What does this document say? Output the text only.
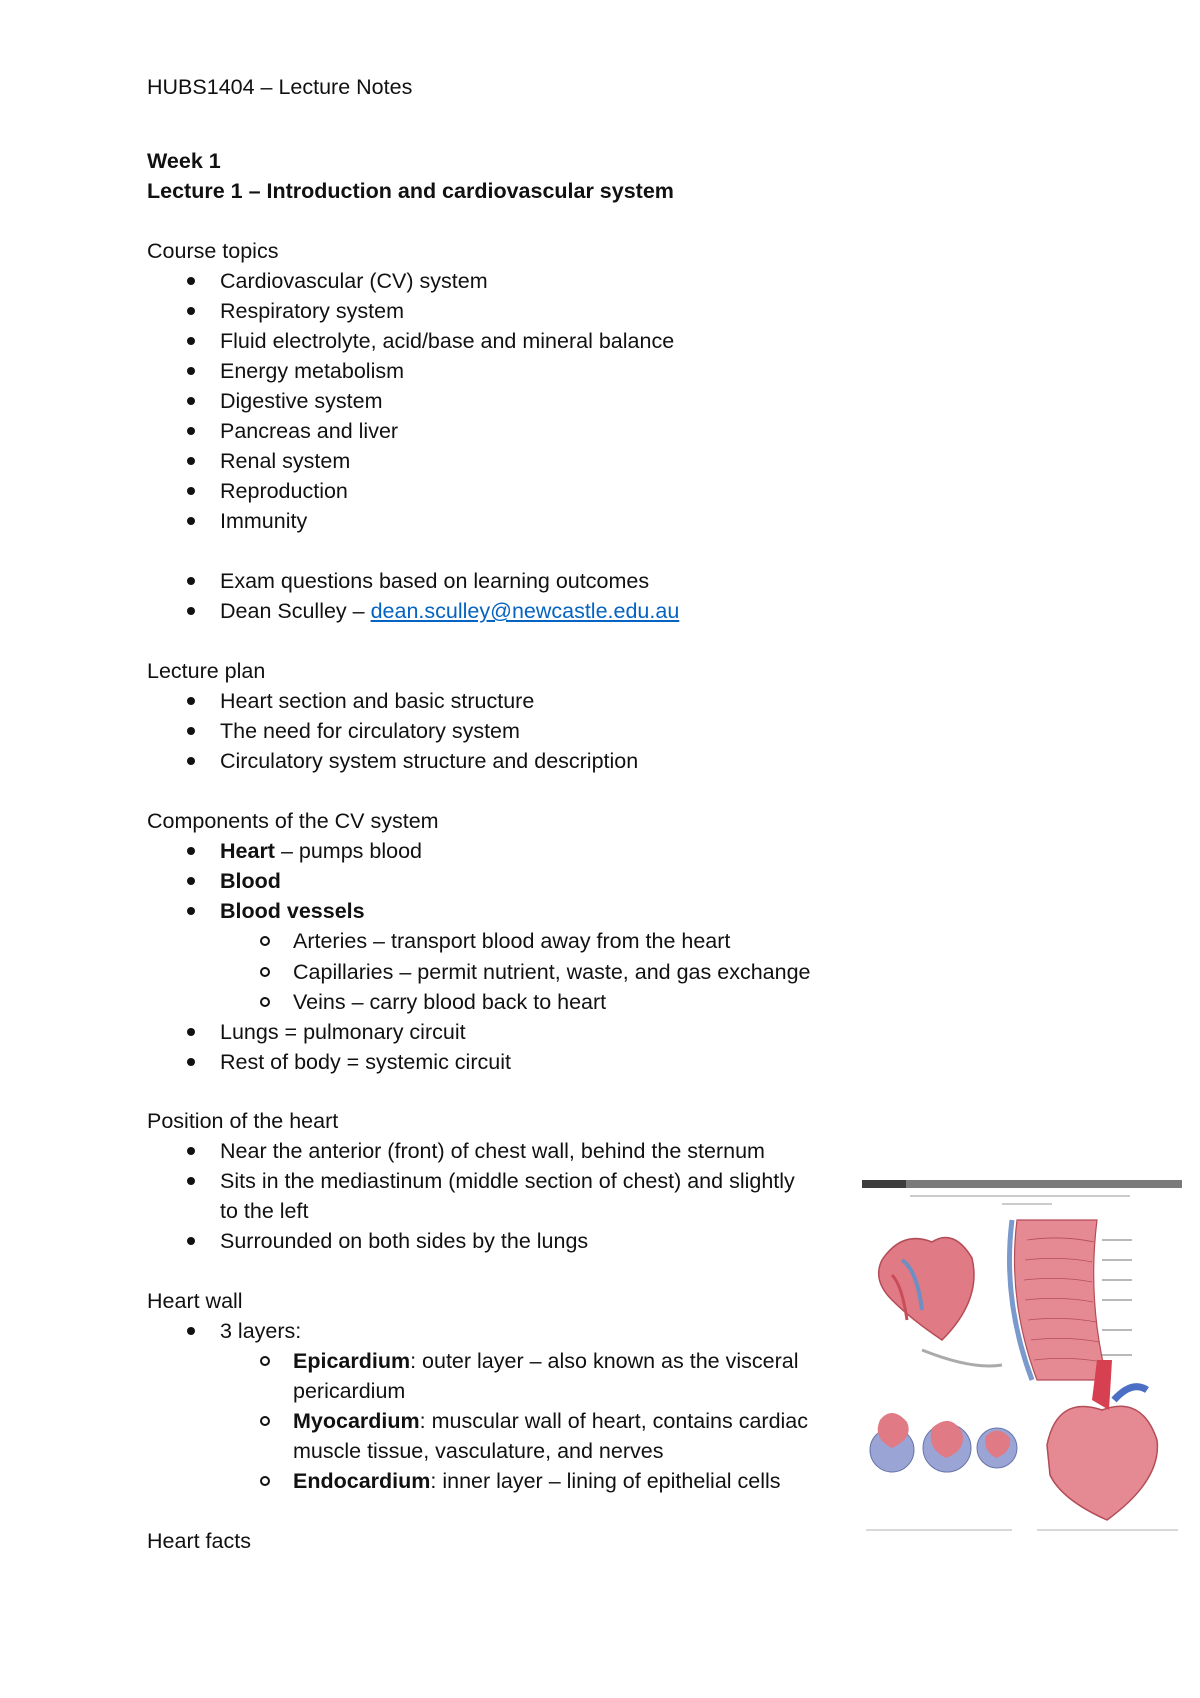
HUBS1404 – Lecture Notes
Week 1
Lecture 1 – Introduction and cardiovascular system
Course topics
Cardiovascular (CV) system
Respiratory system
Fluid electrolyte, acid/base and mineral balance
Energy metabolism
Digestive system
Pancreas and liver
Renal system
Reproduction
Immunity
Exam questions based on learning outcomes
Dean Sculley – dean.sculley@newcastle.edu.au
Lecture plan
Heart section and basic structure
The need for circulatory system
Circulatory system structure and description
Components of the CV system
Heart – pumps blood
Blood
Blood vessels
Arteries – transport blood away from the heart
Capillaries – permit nutrient, waste, and gas exchange
Veins – carry blood back to heart
Lungs = pulmonary circuit
Rest of body = systemic circuit
Position of the heart
Near the anterior (front) of chest wall, behind the sternum
Sits in the mediastinum (middle section of chest) and slightly
to the left
Surrounded on both sides by the lungs
Heart wall
3 layers:
Epicardium: outer layer – also known as the visceral
pericardium
Myocardium: muscular wall of heart, contains cardiac
muscle tissue, vasculature, and nerves
Endocardium: inner layer – lining of epithelial cells
Heart facts
